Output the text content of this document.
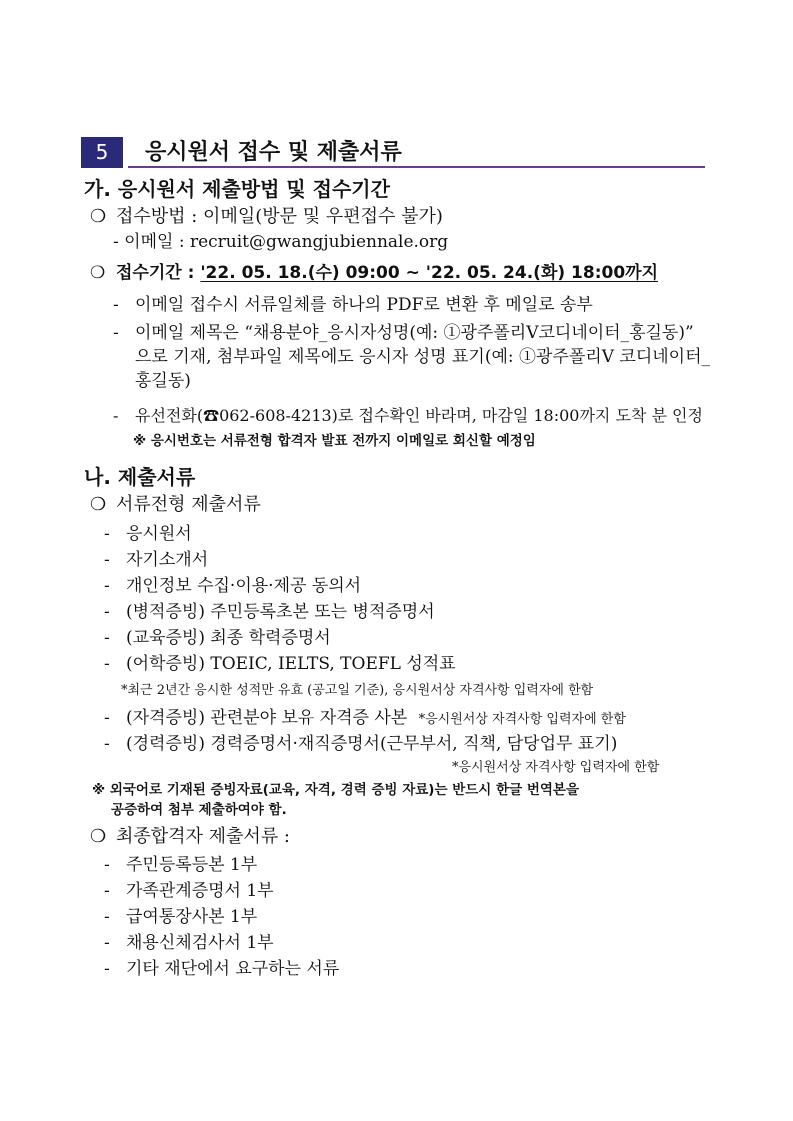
5	응시원서 접수 및 제출서류
가. 응시원서 제출방법 및 접수기간
❍ 접수방법 : 이메일(방문 및 우편접수 불가)
- 이메일 : recruit@gwangjubiennale.org
❍ 접수기간 : '22. 05. 18.(수) 09:00 ~ '22. 05. 24.(화) 18:00까지
- 이메일 접수시 서류일체를 하나의 PDF로 변환 후 메일로 송부
- 이메일 제목은 “채용분야_응시자성명(예: ①광주폴리Ⅴ코디네이터_홍길동)” 으로 기재, 첨부파일 제목에도 응시자 성명 표기(예: ①광주폴리Ⅴ 코디네이터_홍길동)
- 유선전화(☎062-608-4213)로 접수확인 바라며, 마감일 18:00까지 도착 분 인정
※ 응시번호는 서류전형 합격자 발표 전까지 이메일로 회신할 예정임
나. 제출서류
❍ 서류전형 제출서류
- 응시원서
- 자기소개서
- 개인정보 수집·이용·제공 동의서
- (병적증빙) 주민등록초본 또는 병적증명서
- (교육증빙) 최종 학력증명서
- (어학증빙) TOEIC, IELTS, TOEFL 성적표
*최근 2년간 응시한 성적만 유효 (공고일 기준), 응시원서상 자격사항 입력자에 한함
- (자격증빙) 관련분야 보유 자격증 사본 *응시원서상 자격사항 입력자에 한함
- (경력증빙) 경력증명서·재직증명서(근무부서, 직책, 담당업무 표기)
*응시원서상 자격사항 입력자에 한함
※ 외국어로 기재된 증빙자료(교육, 자격, 경력 증빙 자료)는 반드시 한글 번역본을
공증하여 첨부 제출하여야 함.
❍ 최종합격자 제출서류 :
- 주민등록등본 1부
- 가족관계증명서 1부
- 급여통장사본 1부
- 채용신체검사서 1부
- 기타 재단에서 요구하는 서류
